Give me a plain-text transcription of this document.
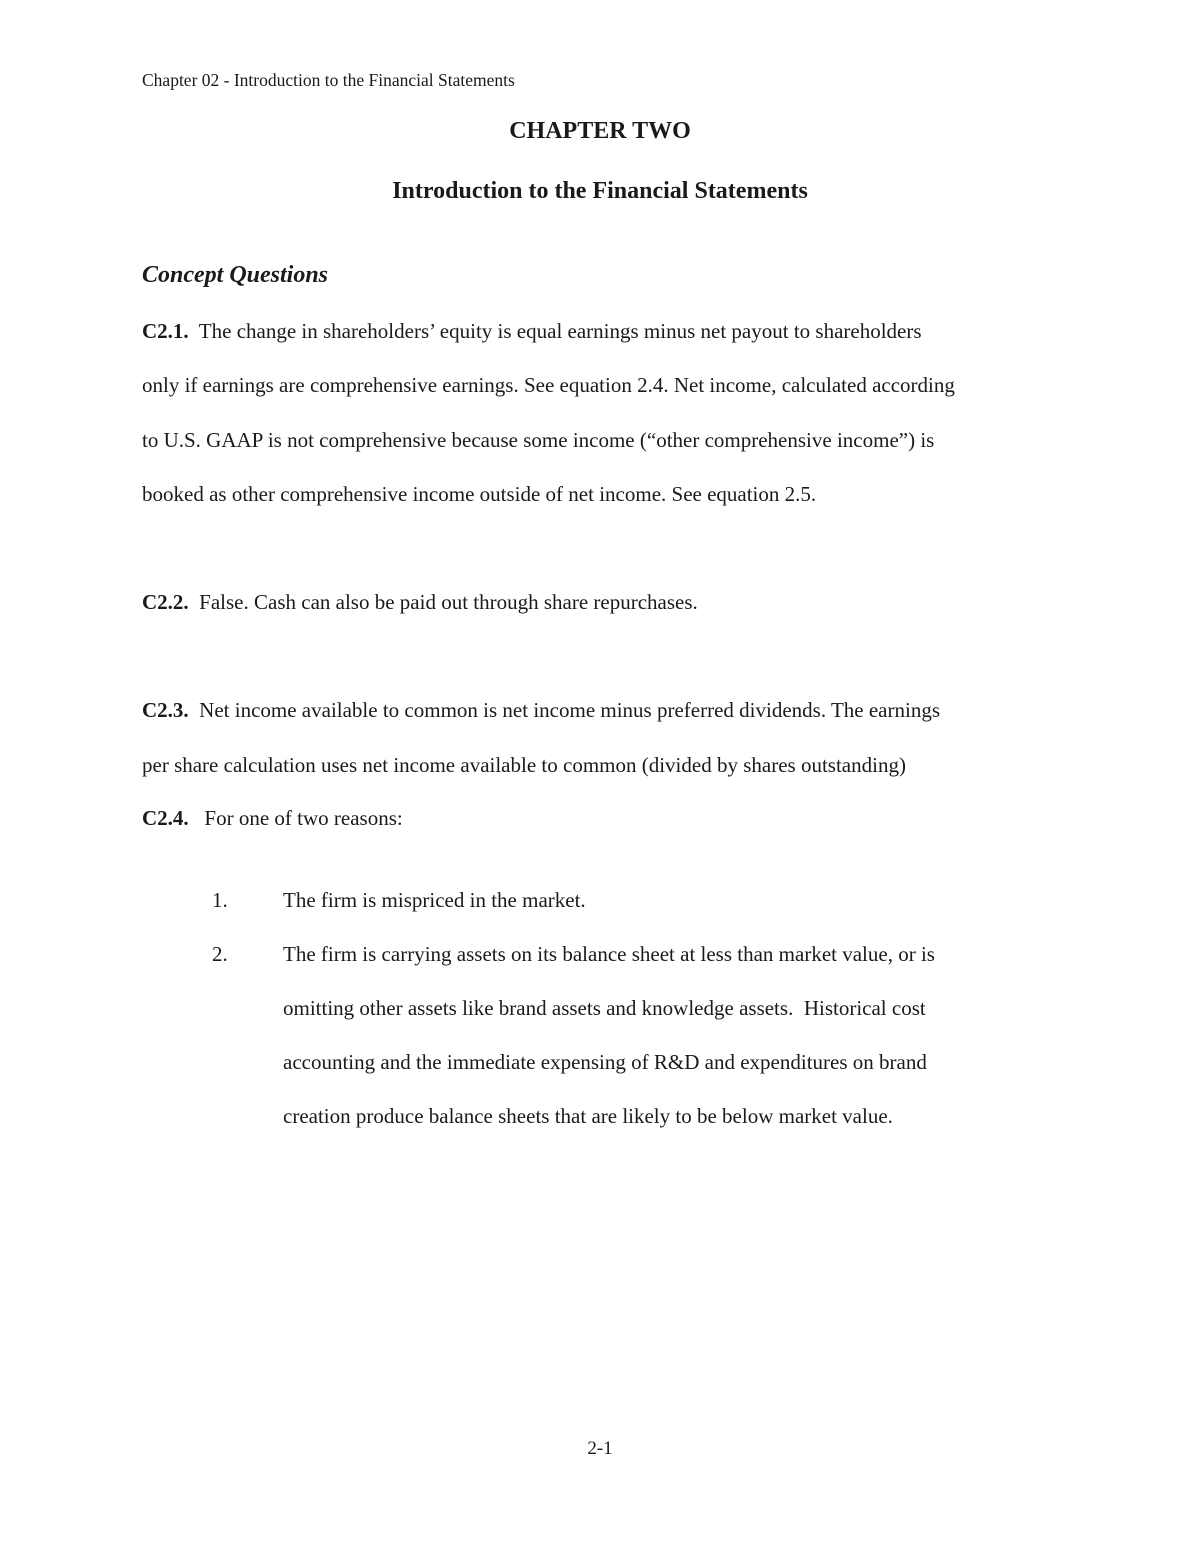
Chapter 02 - Introduction to the Financial Statements
CHAPTER TWO
Introduction to the Financial Statements
Concept Questions
C2.1.  The change in shareholders’ equity is equal earnings minus net payout to shareholders
only if earnings are comprehensive earnings. See equation 2.4. Net income, calculated according
to U.S. GAAP is not comprehensive because some income (“other comprehensive income”) is
booked as other comprehensive income outside of net income. See equation 2.5.
C2.2.  False. Cash can also be paid out through share repurchases.
C2.3.  Net income available to common is net income minus preferred dividends. The earnings
per share calculation uses net income available to common (divided by shares outstanding)
C2.4.   For one of two reasons:
1.	The firm is mispriced in the market.
2.	The firm is carrying assets on its balance sheet at less than market value, or is
omitting other assets like brand assets and knowledge assets.  Historical cost
accounting and the immediate expensing of R&D and expenditures on brand
creation produce balance sheets that are likely to be below market value.
2-1
